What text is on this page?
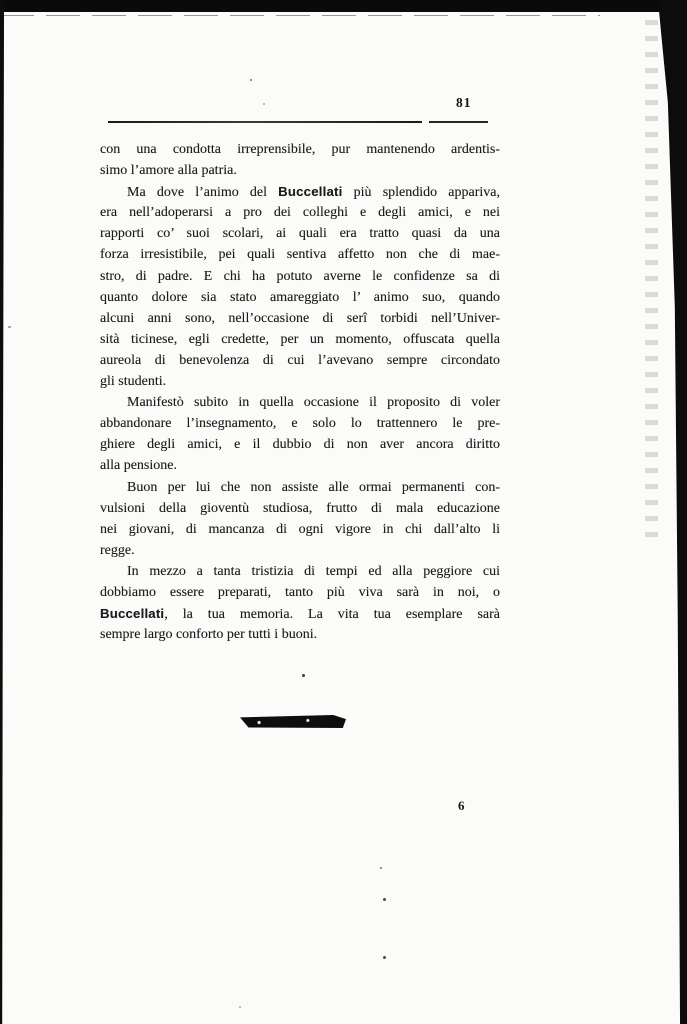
81
con una condotta irreprensibile, pur mantenendo ardentis-
simo l’amore alla patria.
Ma dove l’animo del Buccellati più splendido appariva,
era nell’adoperarsi a pro dei colleghi e degli amici, e nei
rapporti co’ suoi scolari, ai quali era tratto quasi da una
forza irresistibile, pei quali sentiva affetto non che di mae-
stro, di padre. E chi ha potuto averne le confidenze sa di
quanto dolore sia stato amareggiato l’ animo suo, quando
alcuni anni sono, nell’occasione di serî torbidi nell’Univer-
sità ticinese, egli credette, per un momento, offuscata quella
aureola di benevolenza di cui l’avevano sempre circondato
gli studenti.
Manifestò subito in quella occasione il proposito di voler
abbandonare l’insegnamento, e solo lo trattennero le pre-
ghiere degli amici, e il dubbio di non aver ancora diritto
alla pensione.
Buon per lui che non assiste alle ormai permanenti con-
vulsioni della gioventù studiosa, frutto di mala educazione
nei giovani, di mancanza di ogni vigore in chi dall’alto li
regge.
In mezzo a tanta tristizia di tempi ed alla peggiore cui
dobbiamo essere preparati, tanto più viva sarà in noi, o
Buccellati, la tua memoria. La vita tua esemplare sarà
sempre largo conforto per tutti i buoni.
6
